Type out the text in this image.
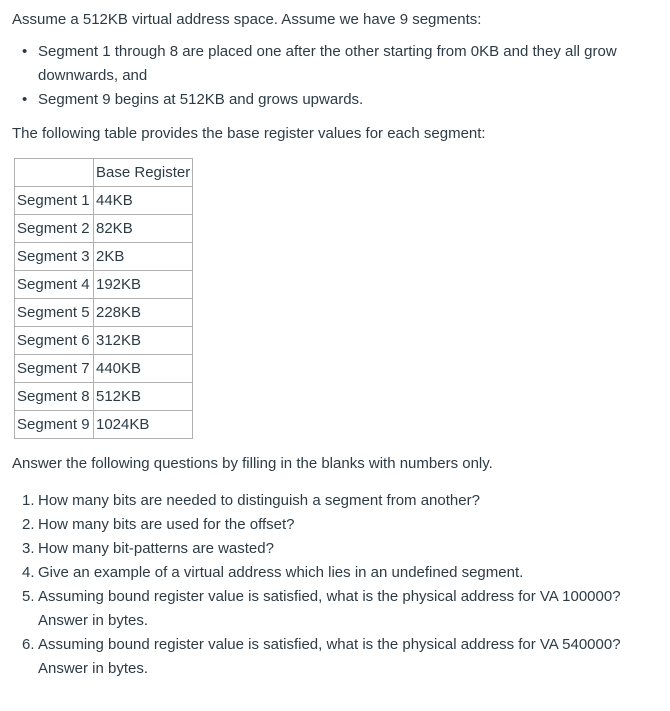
Assume a 512KB virtual address space. Assume we have 9 segments:

• Segment 1 through 8 are placed one after the other starting from 0KB and they all grow downwards, and
• Segment 9 begins at 512KB and grows upwards.

The following table provides the base register values for each segment:

	Base Register
Segment 1	44KB
Segment 2	82KB
Segment 3	2KB
Segment 4	192KB
Segment 5	228KB
Segment 6	312KB
Segment 7	440KB
Segment 8	512KB
Segment 9	1024KB

Answer the following questions by filling in the blanks with numbers only.

How many bits are needed to distinguish a segment from another?
How many bits are used for the offset?
How many bit-patterns are wasted?
Give an example of a virtual address which lies in an undefined segment.
Assuming bound register value is satisfied, what is the physical address for VA 100000? Answer in bytes.
Assuming bound register value is satisfied, what is the physical address for VA 540000? Answer in bytes.
